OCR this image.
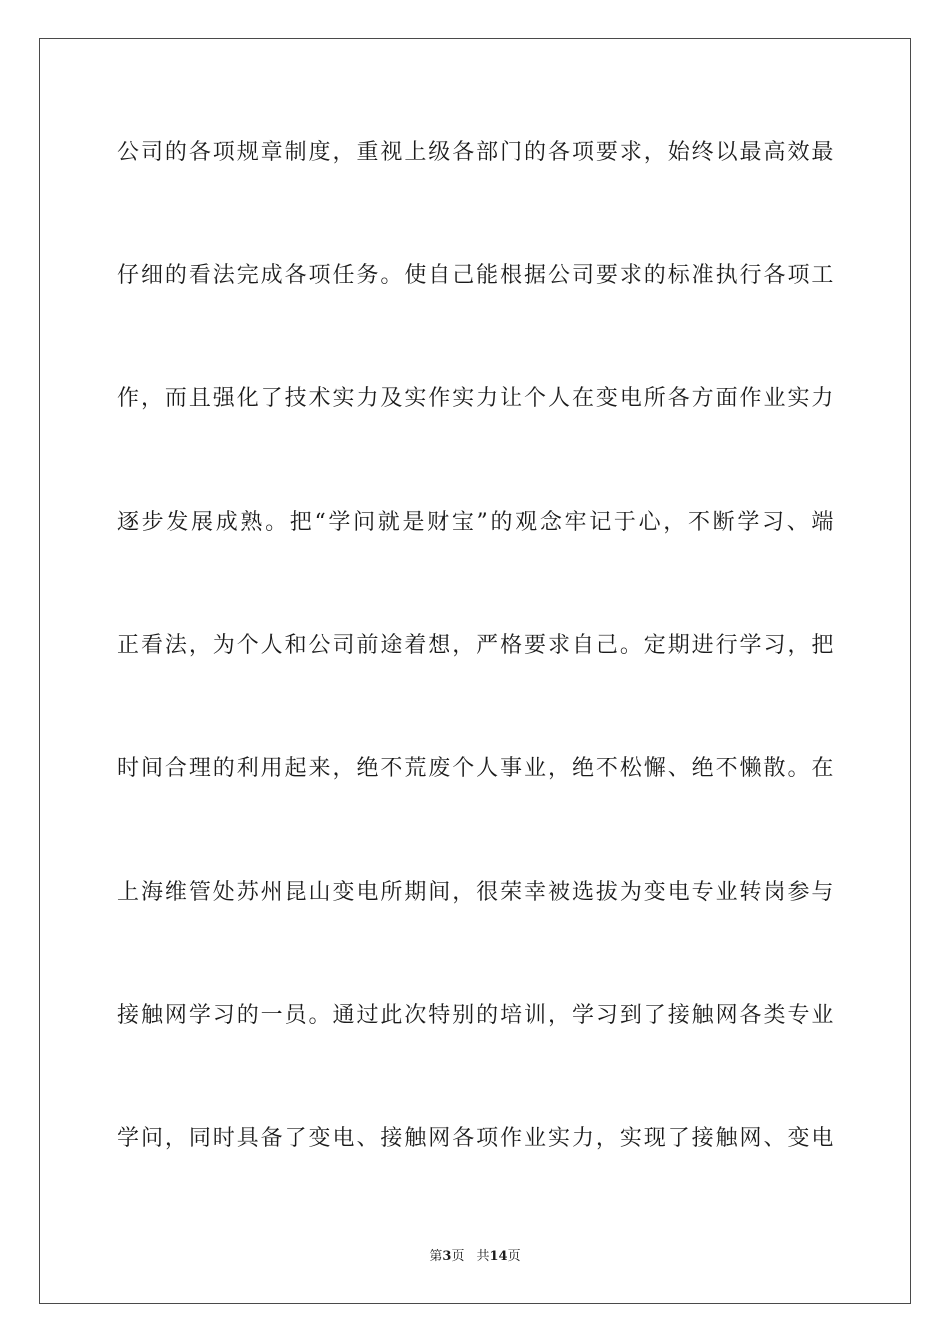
公司的各项规章制度，重视上级各部门的各项要求，始终以最高效最
仔细的看法完成各项任务。使自己能根据公司要求的标准执行各项工
作，而且强化了技术实力及实作实力让个人在变电所各方面作业实力
逐步发展成熟。把“学问就是财宝”的观念牢记于心，不断学习、端
正看法，为个人和公司前途着想，严格要求自己。定期进行学习，把
时间合理的利用起来，绝不荒废个人事业，绝不松懈、绝不懒散。在
上海维管处苏州昆山变电所期间，很荣幸被选拔为变电专业转岗参与
接触网学习的一员。通过此次特别的培训，学习到了接触网各类专业
学问，同时具备了变电、接触网各项作业实力，实现了接触网、变电
第3页 共14页
